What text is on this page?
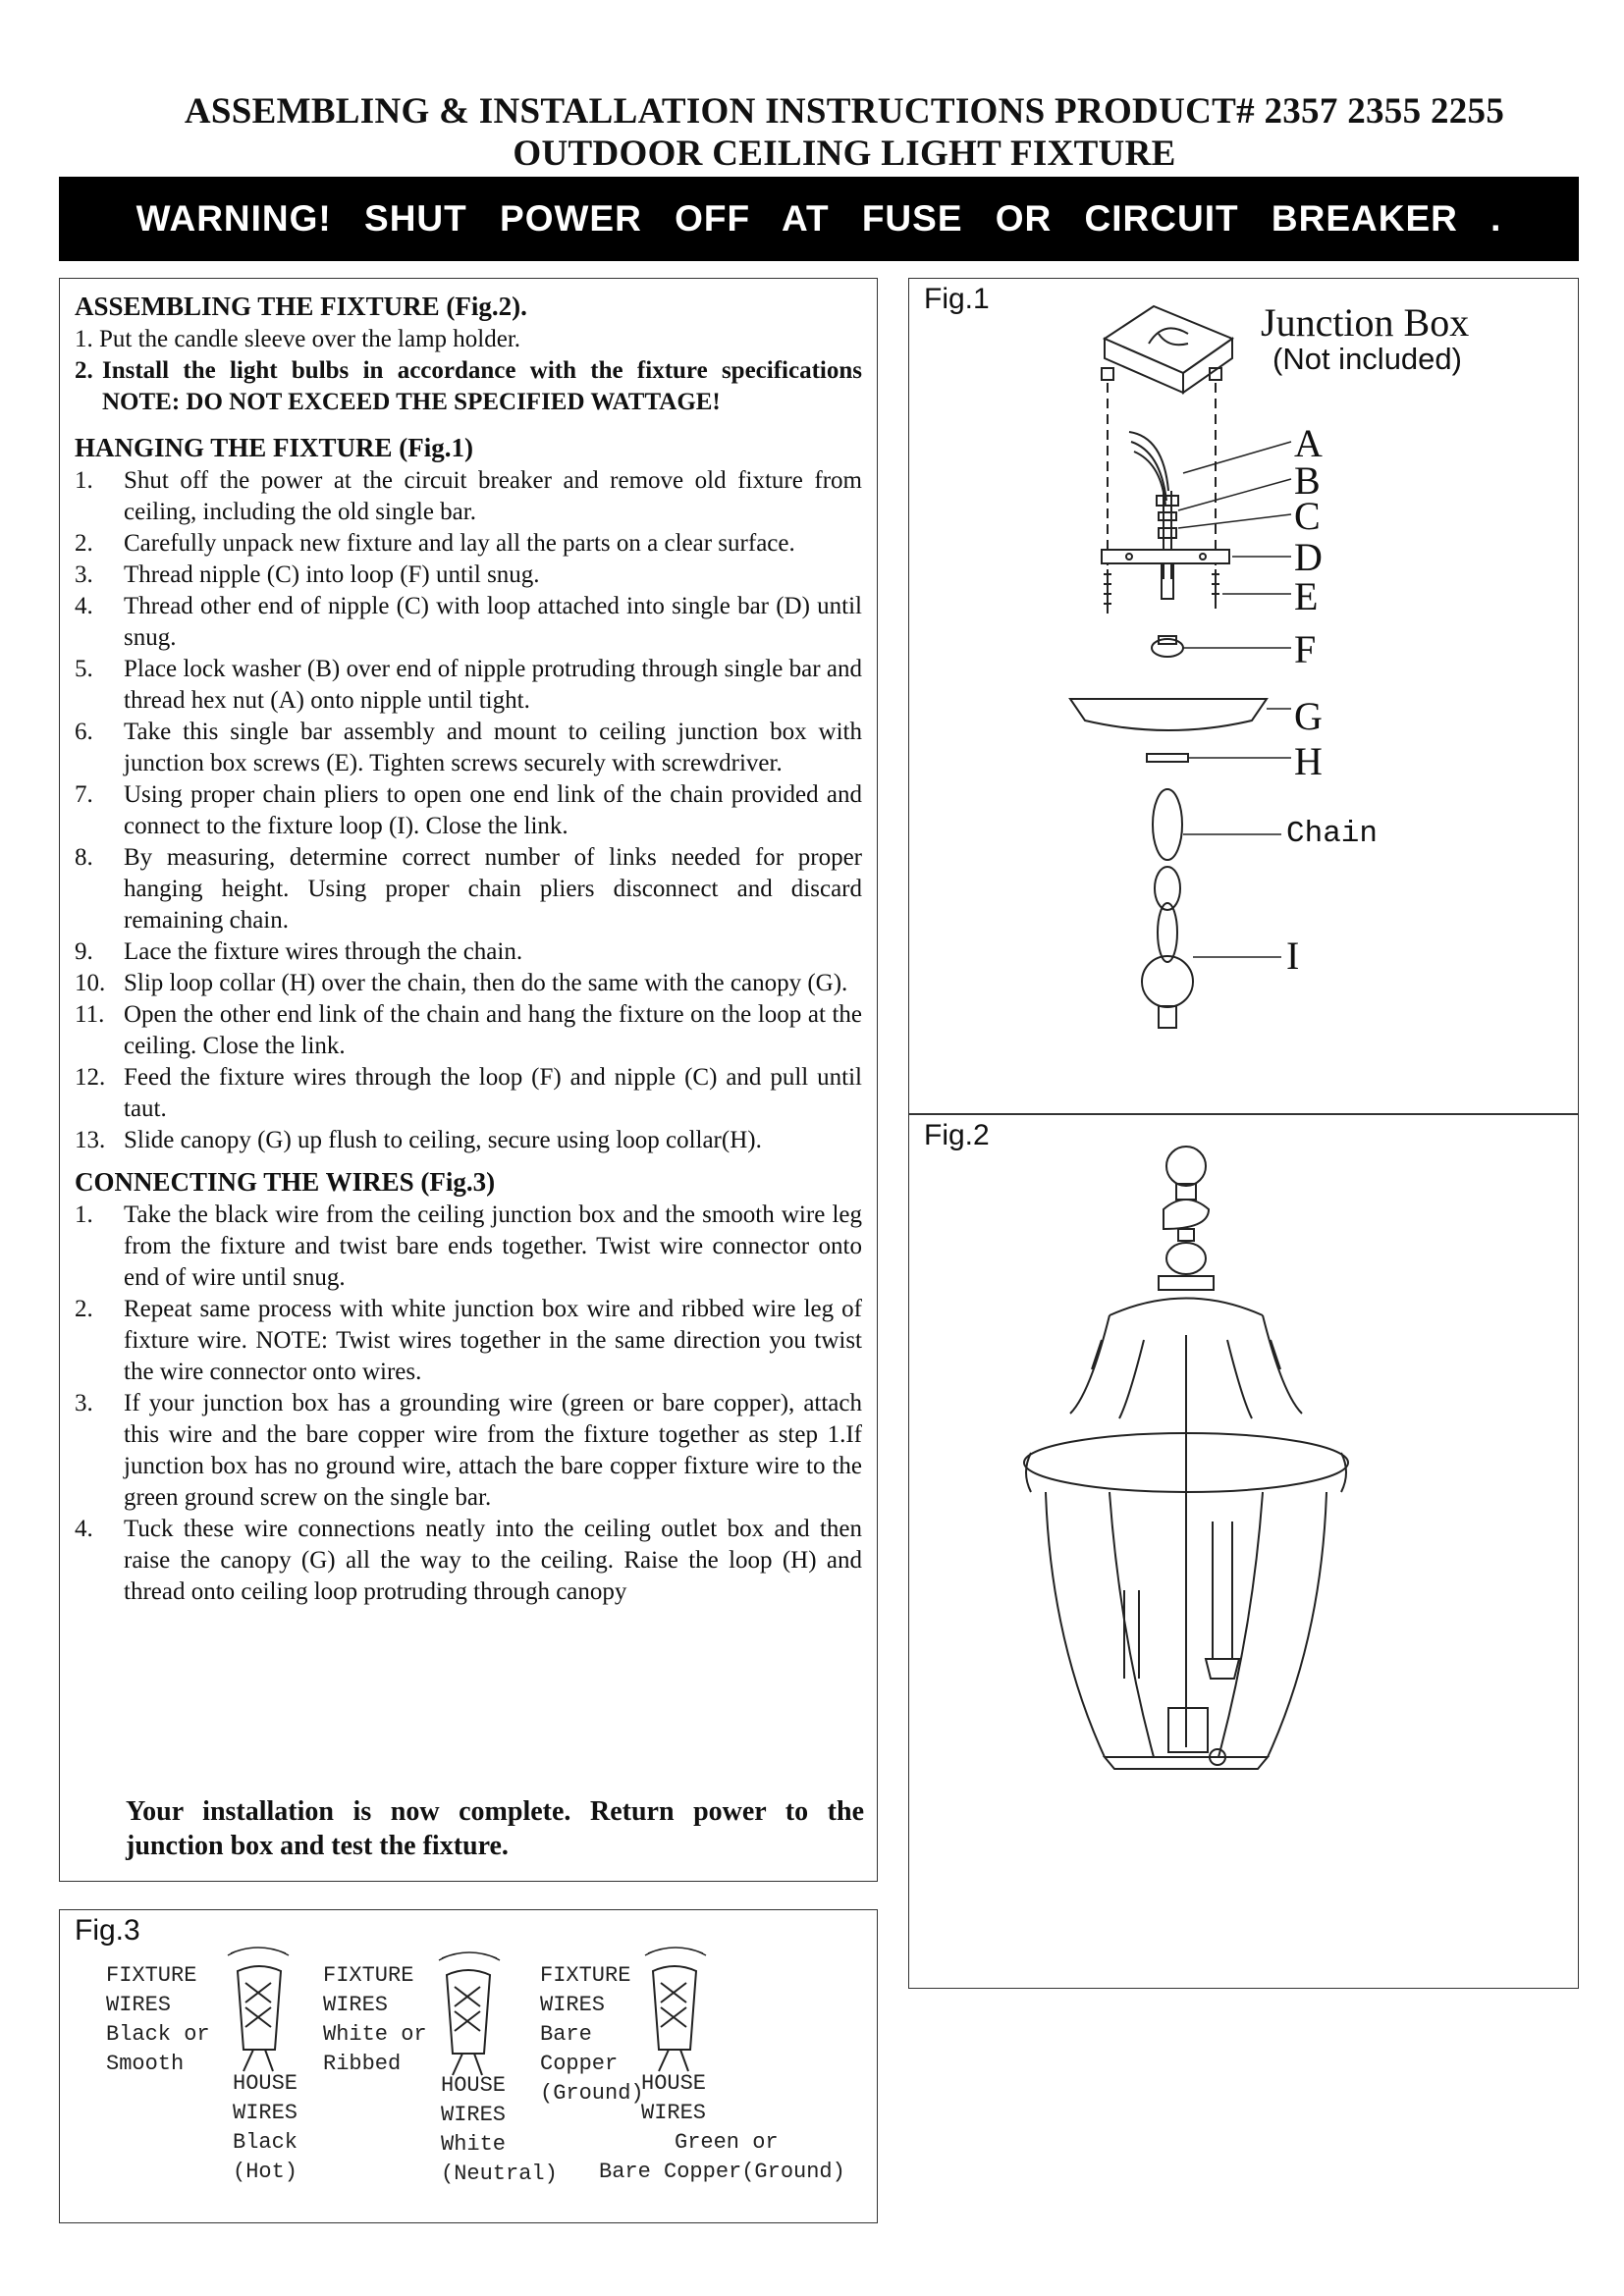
ASSEMBLING & INSTALLATION INSTRUCTIONS PRODUCT# 2357 2355 2255
OUTDOOR CEILING LIGHT FIXTURE
WARNING! SHUT POWER OFF AT FUSE OR CIRCUIT BREAKER .
ASSEMBLING THE FIXTURE (Fig.2).
1. Put the candle sleeve over the lamp holder.
2. Install the light bulbs in accordance with the fixture specifications NOTE: DO NOT EXCEED THE SPECIFIED WATTAGE!
HANGING THE FIXTURE (Fig.1)
1.	Shut off the power at the circuit breaker and remove old fixture from ceiling, including the old single bar.
2.	Carefully unpack new fixture and lay all the parts on a clear surface.
3.	Thread nipple (C) into loop (F) until snug.
4.	Thread other end of nipple (C) with loop attached into single bar (D) until snug.
5.	Place lock washer (B) over end of nipple protruding through single bar and thread hex nut (A) onto nipple until tight.
6.	Take this single bar assembly and mount to ceiling junction box with junction box screws (E). Tighten screws securely with screwdriver.
7.	Using proper chain pliers to open one end link of the chain provided and connect to the fixture loop (I). Close the link.
8.	By measuring, determine correct number of links needed for proper hanging height. Using proper chain pliers disconnect and discard remaining chain.
9.	Lace the fixture wires through the chain.
10. Slip loop collar (H) over the chain, then do the same with the canopy (G).
11. Open the other end link of the chain and hang the fixture on the loop at the ceiling. Close the link.
12. Feed the fixture wires through the loop (F) and nipple (C) and pull until taut.
13. Slide canopy (G) up flush to ceiling, secure using loop collar(H).
CONNECTING THE WIRES (Fig.3)
1.	Take the black wire from the ceiling junction box and the smooth wire leg from the fixture and twist bare ends together. Twist wire connector onto end of wire until snug.
2.	Repeat same process with white junction box wire and ribbed wire leg of fixture wire. NOTE: Twist wires together in the same direction you twist the wire connector onto wires.
3.	If your junction box has a grounding wire (green or bare copper), attach this wire and the bare copper wire from the fixture together as step 1.If junction box has no ground wire, attach the bare copper fixture wire to the green ground screw on the single bar.
4.	Tuck these wire connections neatly into the ceiling outlet box and then raise the canopy (G) all the way to the ceiling. Raise the loop (H) and thread onto ceiling loop protruding through canopy
Your installation is now complete. Return power to the junction box and test the fixture.
Fig.1
Junction Box
(Not included)
A
B
C
D
E
F
G
H
Chain
I
Fig.2
Fig.3
FIXTURE
WIRES
Black or
Smooth
HOUSE
WIRES
Black
(Hot)
FIXTURE
WIRES
White or
Ribbed
HOUSE
WIRES
White
(Neutral)
FIXTURE
WIRES
Bare
Copper
(Ground)
HOUSE
WIRES
Green or
Bare Copper(Ground)
